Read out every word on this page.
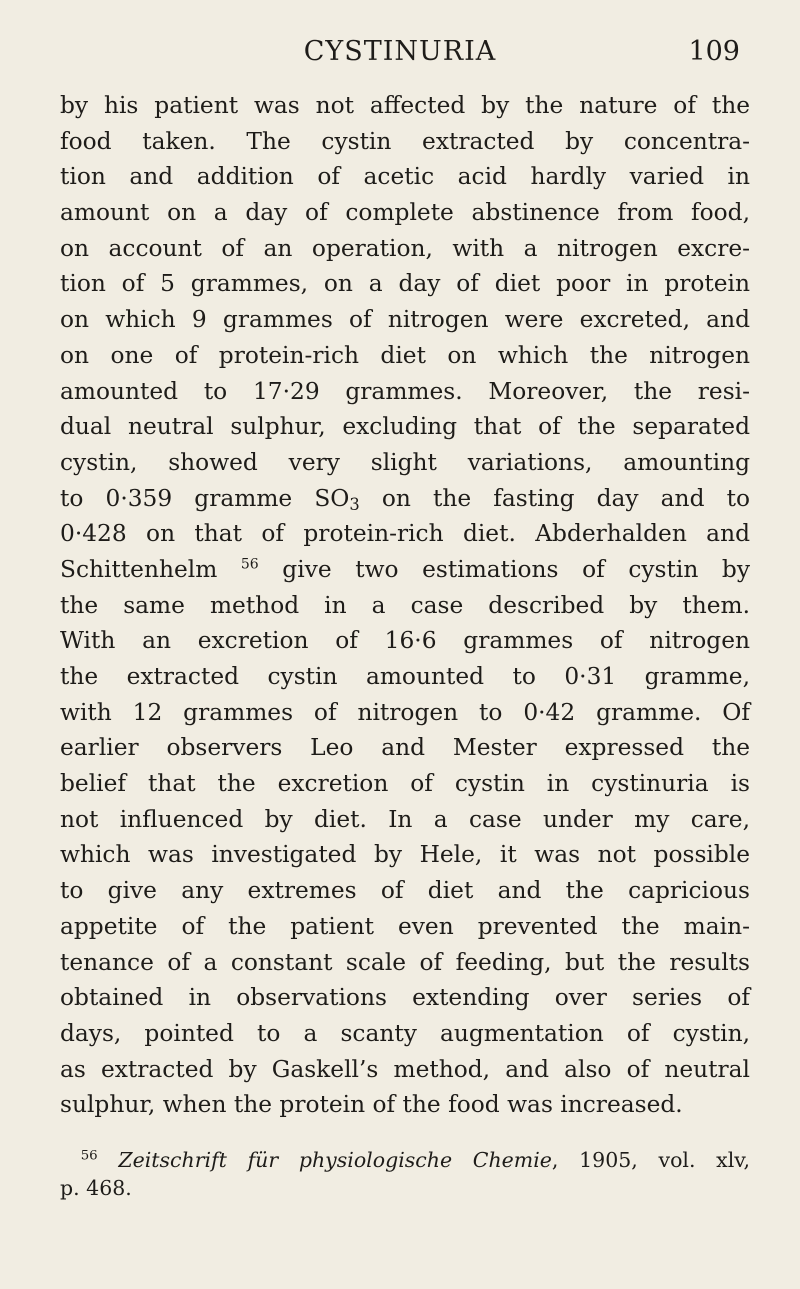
CYSTINURIA	109
by his patient was not affected by the nature of the
food taken. The cystin extracted by concentra-
tion and addition of acetic acid hardly varied in
amount on a day of complete abstinence from food,
on account of an operation, with a nitrogen excre-
tion of 5 grammes, on a day of diet poor in protein
on which 9 grammes of nitrogen were excreted, and
on one of protein-rich diet on which the nitrogen
amounted to 17·29 grammes. Moreover, the resi-
dual neutral sulphur, excluding that of the separated
cystin, showed very slight variations, amounting
to 0·359 gramme $SO_3$ on the fasting day and to
0·428 on that of protein-rich diet. Abderhalden and
Schittenhelm $^{56}$ give two estimations of cystin by
the same method in a case described by them.
With an excretion of 16·6 grammes of nitrogen
the extracted cystin amounted to 0·31 gramme,
with 12 grammes of nitrogen to 0·42 gramme. Of
earlier observers Leo and Mester expressed the
belief that the excretion of cystin in cystinuria is
not influenced by diet. In a case under my care,
which was investigated by Hele, it was not possible
to give any extremes of diet and the capricious
appetite of the patient even prevented the main-
tenance of a constant scale of feeding, but the results
obtained in observations extending over series of
days, pointed to a scanty augmentation of cystin,
as extracted by Gaskell’s method, and also of neutral
sulphur, when the protein of the food was increased.
$^{56}$ Zeitschrift für physiologische Chemie, 1905, vol. xlv,
p. 468.
